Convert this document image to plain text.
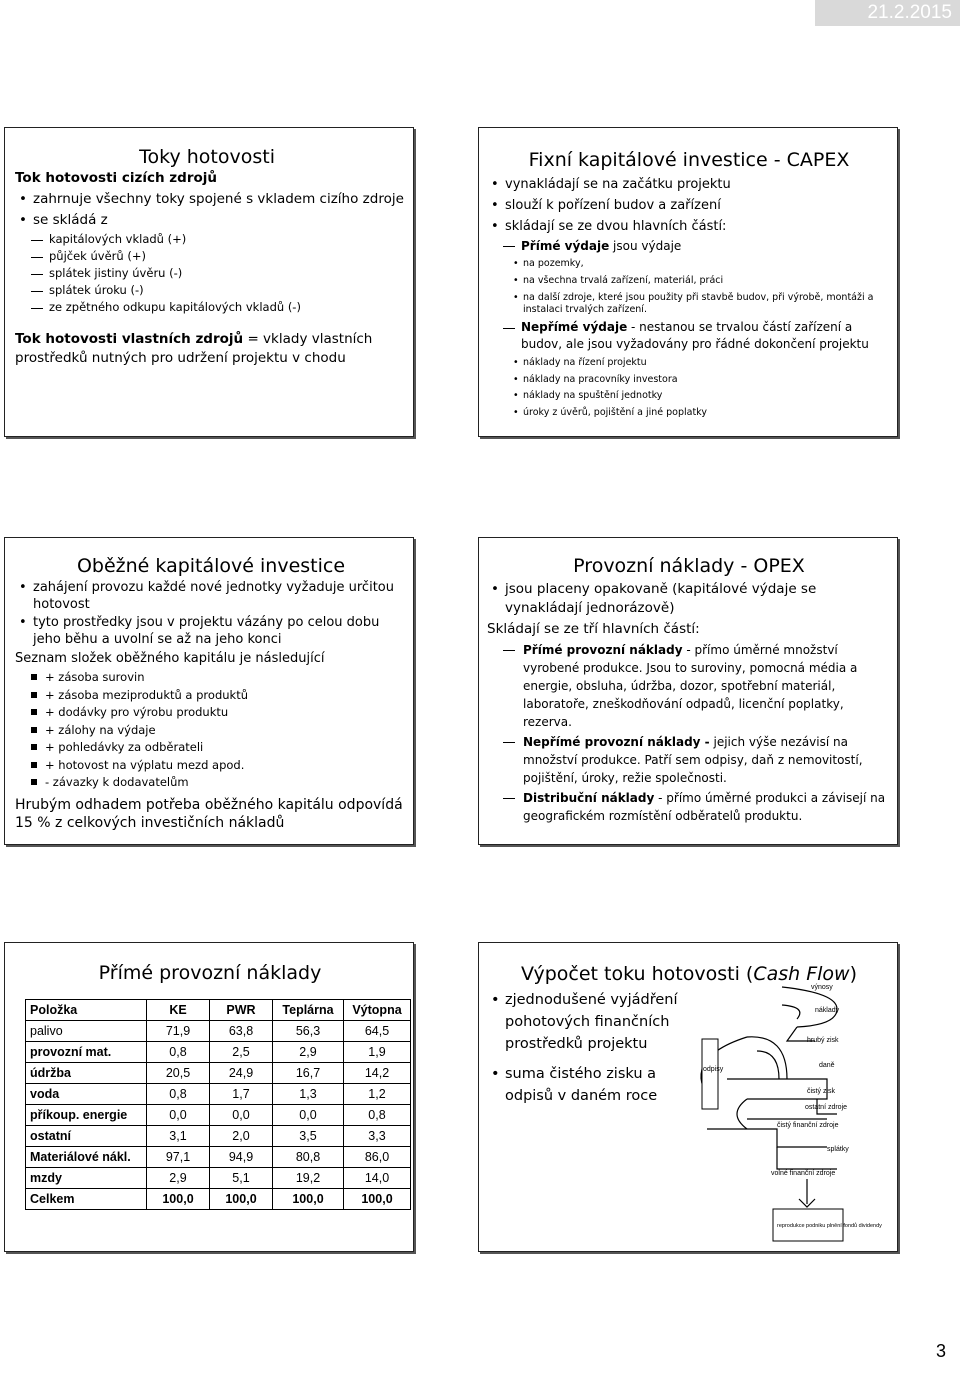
21.2.2015
Toky hotovosti
Tok hotovosti cizích zdrojů
• zahrnuje všechny toky spojené s vkladem cizího zdroje
• se skládá z
kapitálových vkladů (+)
půjček úvěrů (+)
splátek jistiny úvěru (-)
splátek úroku (-)
ze zpětného odkupu kapitálových vkladů (-)
Tok hotovosti vlastních zdrojů = vklady vlastních prostředků nutných pro udržení projektu v chodu
Fixní kapitálové investice - CAPEX
• vynakládají se na začátku projektu
• slouží k pořízení budov a zařízení
• skládají se ze dvou hlavních částí:
Přímé výdaje jsou výdaje
• na pozemky,
• na všechna trvalá zařízení, materiál, práci
• na další zdroje, které jsou použity při stavbě budov, při výrobě, montáži a instalaci trvalých zařízení.
Nepřímé výdaje - nestanou se trvalou částí zařízení a budov, ale jsou vyžadovány pro řádné dokončení projektu
• náklady na řízení projektu
• náklady na pracovníky investora
• náklady na spuštění jednotky
• úroky z úvěrů, pojištění a jiné poplatky
Oběžné kapitálové investice
• zahájení provozu každé nové jednotky vyžaduje určitou hotovost
• tyto prostředky jsou v projektu vázány po celou dobu jeho běhu a uvolní se až na jeho konci
Seznam složek oběžného kapitálu je následující
+ zásoba surovin
+ zásoba meziproduktů a produktů
+ dodávky pro výrobu produktu
+ zálohy na výdaje
+ pohledávky za odběrateli
+ hotovost na výplatu mezd apod.
- závazky k dodavatelům
Hrubým odhadem potřeba oběžného kapitálu odpovídá 15 % z celkových investičních nákladů
Provozní náklady - OPEX
• jsou placeny opakovaně (kapitálové výdaje se vynakládají jednorázově)
Skládají se ze tří hlavních částí:
Přímé provozní náklady - přímo úměrné množství vyrobené produkce. Jsou to suroviny, pomocná média a energie, obsluha, údržba, dozor, spotřební materiál, laboratoře, zneškodňování odpadů, licenční poplatky, rezerva.
Nepřímé provozní náklady - jejich výše nezávisí na množství produkce. Patří sem odpisy, daň z nemovitostí, pojištění, úroky, režie společnosti.
Distribuční náklady - přímo úměrné produkci a závisejí na geografickém rozmístění odběratelů produktu.
Přímé provozní náklady
Položka	KE	PWR	Teplárna	Výtopna
palivo	71,9	63,8	56,3	64,5
provozní mat.	0,8	2,5	2,9	1,9
údržba	20,5	24,9	16,7	14,2
voda	0,8	1,7	1,3	1,2
příkoup. energie	0,0	0,0	0,0	0,8
ostatní	3,1	2,0	3,5	3,3
Materiálové nákl.	97,1	94,9	80,8	86,0
mzdy	2,9	5,1	19,2	14,0
Celkem	100,0	100,0	100,0	100,0
Výpočet toku hotovosti (Cash Flow)
• zjednodušené vyjádření pohotových finančních prostředků projektu
• suma čistého zisku a odpisů v daném roce
výnosy
náklady
hrubý zisk
odpisy
daně
čistý zisk
ostatní zdroje
čistý finanční zdroje
splátky
volné finanční zdroje
reprodukce podniku plnění fondů dividendy
3
